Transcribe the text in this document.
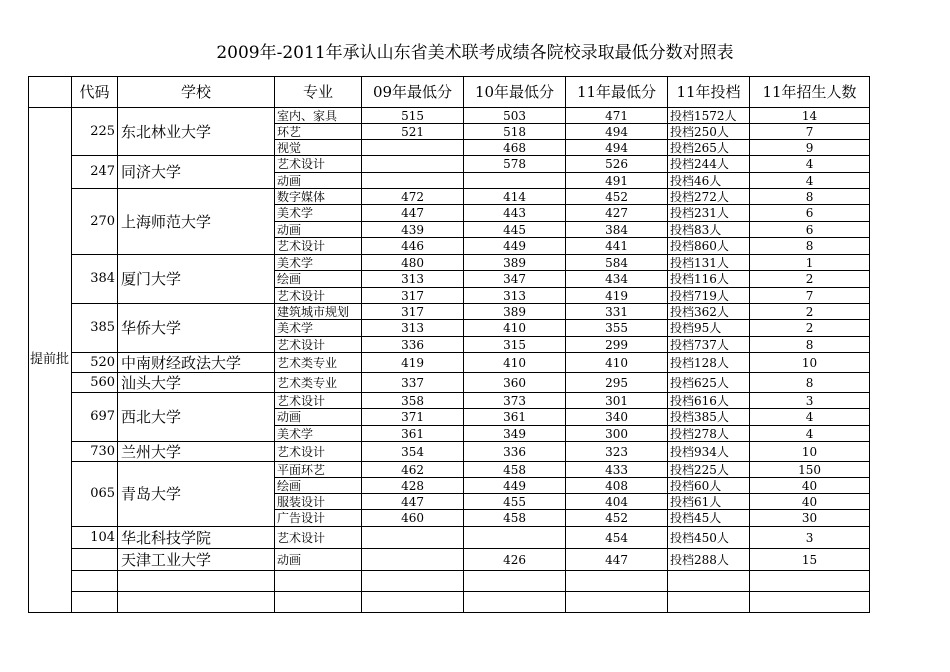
2009年-2011年承认山东省美术联考成绩各院校录取最低分数对照表
	代码	学校	专业	09年最低分	10年最低分	11年最低分	11年投档	11年招生人数
提前批	225	东北林业大学	室内、家具	515	503	471	投档1572人	14
			环艺	521	518	494	投档250人	7
			视觉		468	494	投档265人	9
	247	同济大学	艺术设计		578	526	投档244人	4
			动画			491	投档46人	4
	270	上海师范大学	数字媒体	472	414	452	投档272人	8
			美术学	447	443	427	投档231人	6
			动画	439	445	384	投档83人	6
			艺术设计	446	449	441	投档860人	8
	384	厦门大学	美术学	480	389	584	投档131人	1
			绘画	313	347	434	投档116人	2
			艺术设计	317	313	419	投档719人	7
	385	华侨大学	建筑城市规划	317	389	331	投档362人	2
			美术学	313	410	355	投档95人	2
			艺术设计	336	315	299	投档737人	8
	520	中南财经政法大学	艺术类专业	419	410	410	投档128人	10
	560	汕头大学	艺术类专业	337	360	295	投档625人	8
	697	西北大学	艺术设计	358	373	301	投档616人	3
			动画	371	361	340	投档385人	4
			美术学	361	349	300	投档278人	4
	730	兰州大学	艺术设计	354	336	323	投档934人	10
	065	青岛大学	平面环艺	462	458	433	投档225人	150
			绘画	428	449	408	投档60人	40
			服装设计	447	455	404	投档61人	40
			广告设计	460	458	452	投档45人	30
	104	华北科技学院	艺术设计			454	投档450人	3
		天津工业大学	动画		426	447	投档288人	15
